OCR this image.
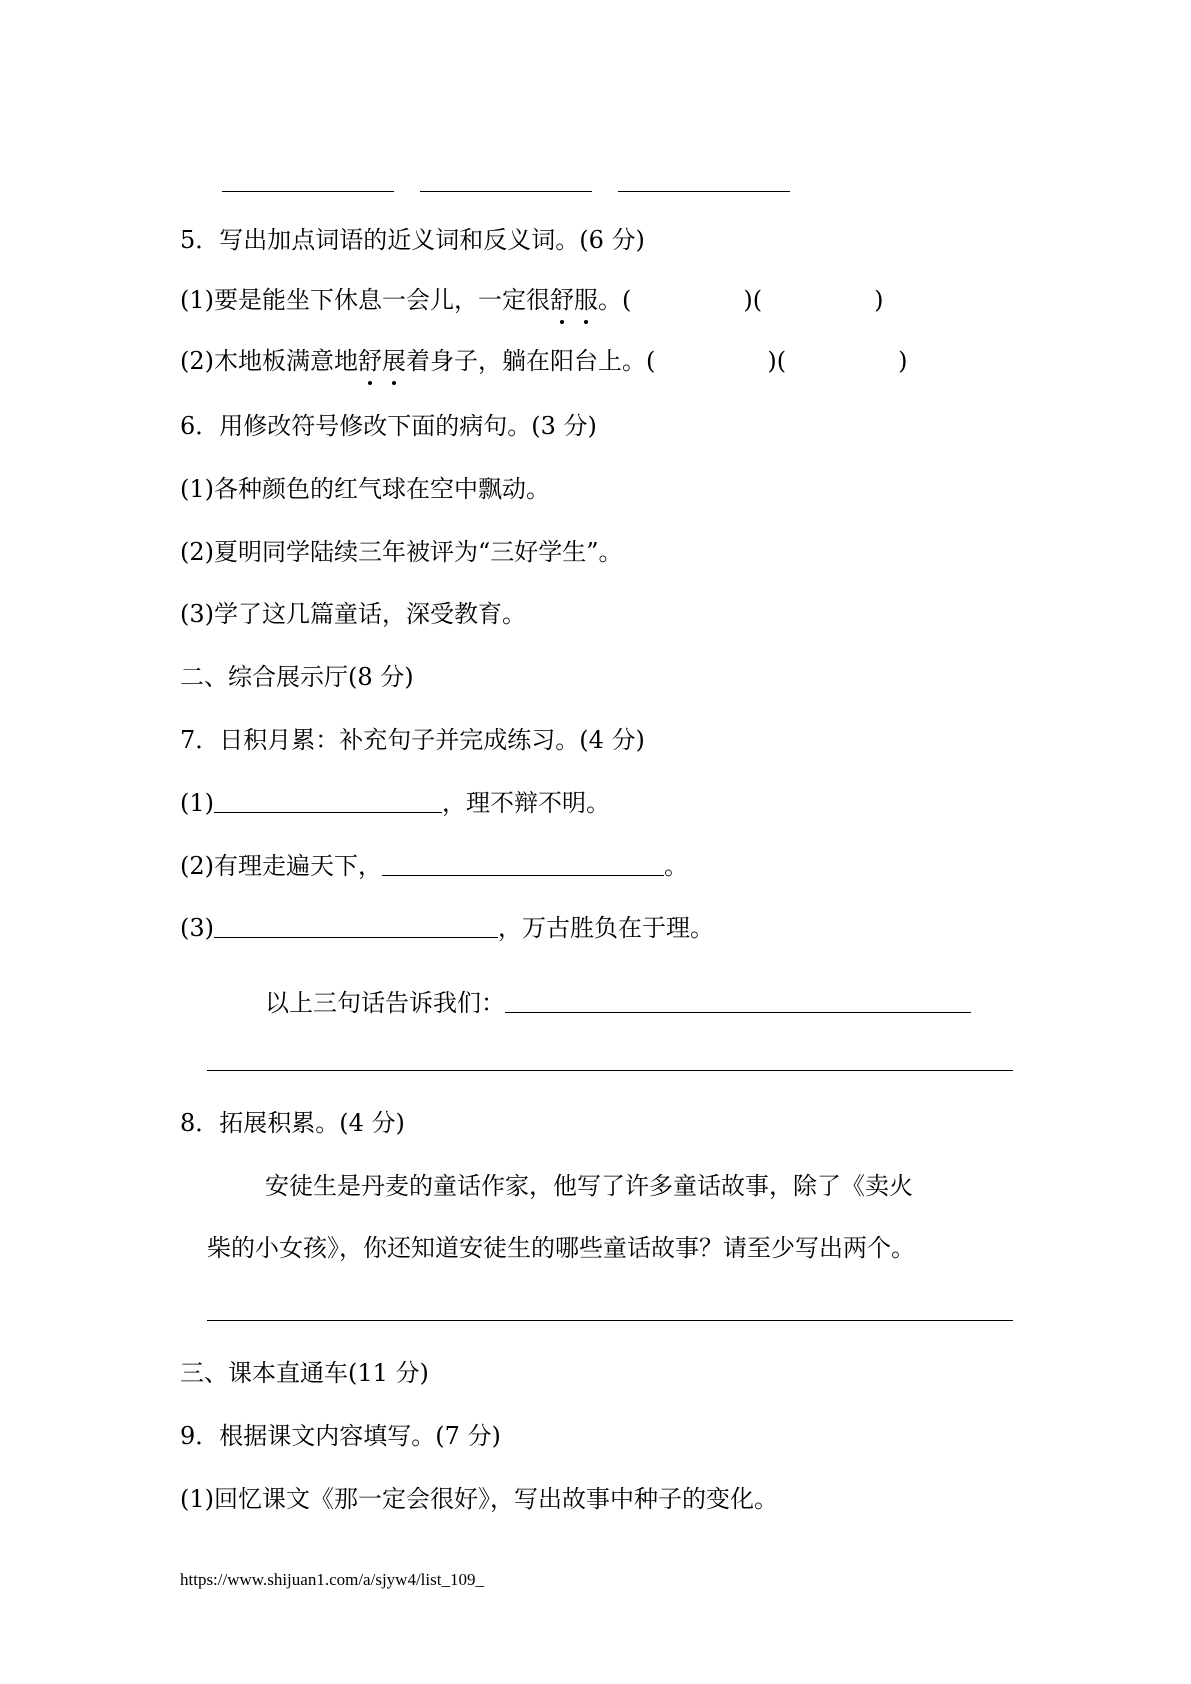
5．写出加点词语的近义词和反义词。(6 分)
(1)要是能坐下休息一会儿，一定很舒服。(	)(	)
(2)木地板满意地舒展着身子，躺在阳台上。(	)(	)
6．用修改符号修改下面的病句。(3 分)
(1)各种颜色的红气球在空中飘动。
(2)夏明同学陆续三年被评为“三好学生”。
(3)学了这几篇童话，深受教育。
二、综合展示厅(8 分)
7．日积月累：补充句子并完成练习。(4 分)
(1)	，理不辩不明。
(2)有理走遍天下，	。
(3)	，万古胜负在于理。
以上三句话告诉我们：
8．拓展积累。(4 分)
安徒生是丹麦的童话作家，他写了许多童话故事，除了《卖火
柴的小女孩》，你还知道安徒生的哪些童话故事？请至少写出两个。
三、课本直通车(11 分)
9．根据课文内容填写。(7 分)
(1)回忆课文《那一定会很好》，写出故事中种子的变化。
https://www.shijuan1.com/a/sjyw4/list_109_
